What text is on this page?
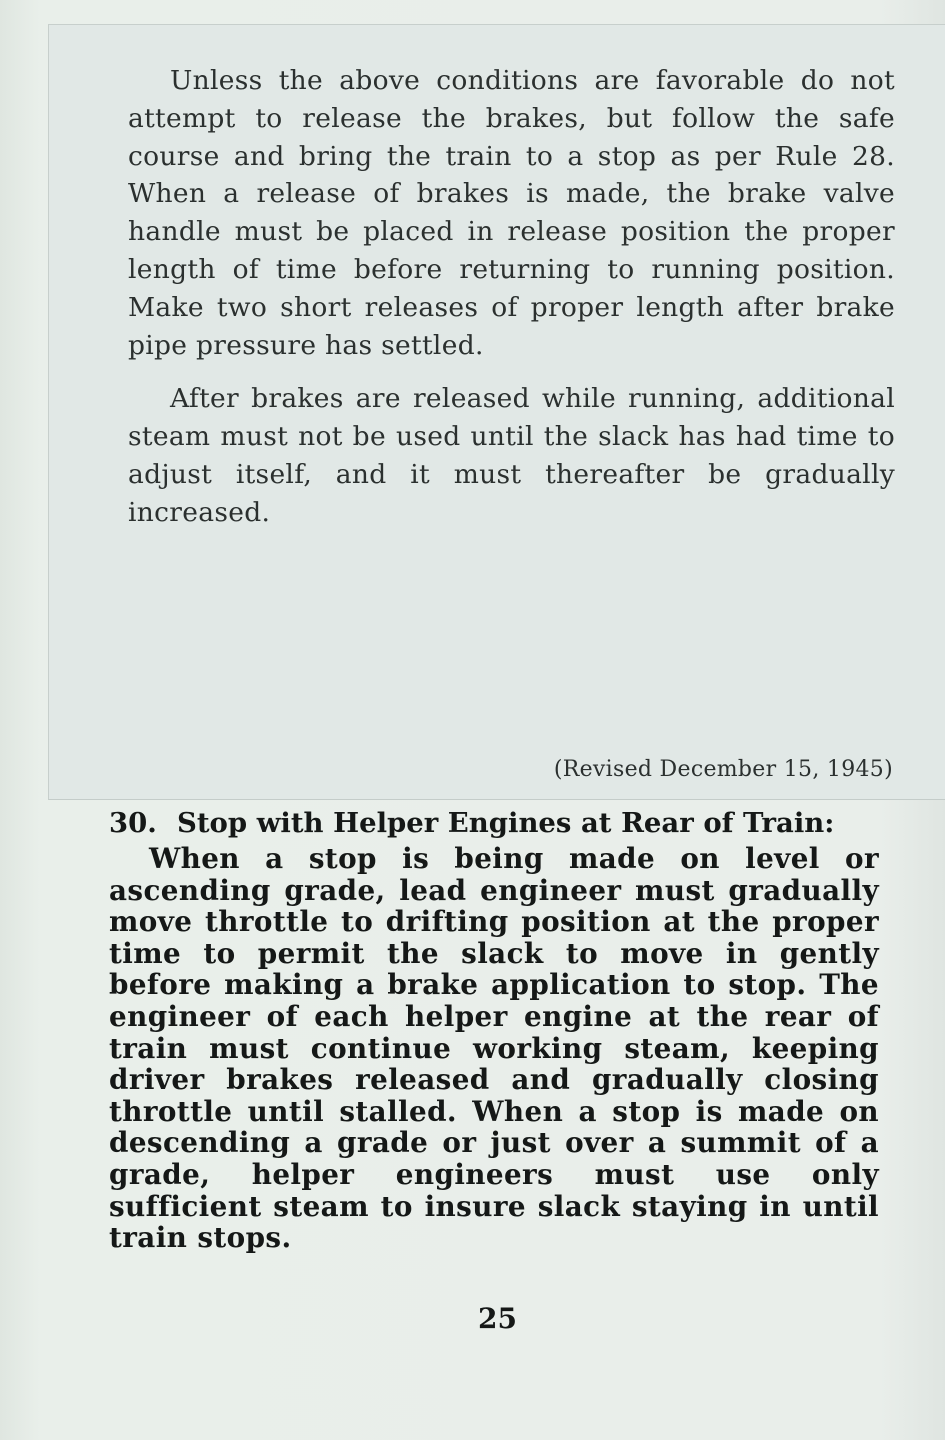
Unless the above conditions are favorable do not attempt to release the brakes, but follow the safe course and bring the train to a stop as per Rule 28. When a release of brakes is made, the brake valve handle must be placed in release position the proper length of time before returning to running position. Make two short releases of proper length after brake pipe pressure has settled.

After brakes are released while running, additional steam must not be used until the slack has had time to adjust itself, and it must thereafter be gradually increased.

(Revised December 15, 1945)
30. Stop with Helper Engines at Rear of Train:
When a stop is being made on level or ascending grade, lead engineer must gradually move throttle to drifting position at the proper time to permit the slack to move in gently before making a brake application to stop. The engineer of each helper engine at the rear of train must continue working steam, keeping driver brakes released and gradually closing throttle until stalled. When a stop is made on descending a grade or just over a summit of a grade, helper engineers must use only sufficient steam to insure slack staying in until train stops.
25
